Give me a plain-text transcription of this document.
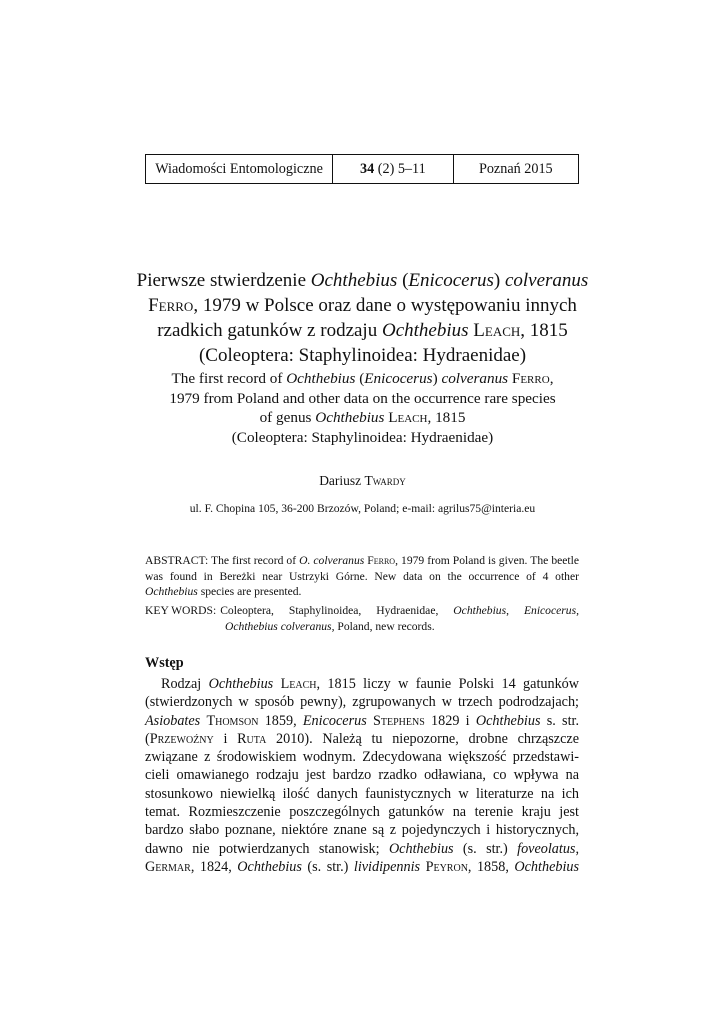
Wiadomości Entomologiczne	34 (2) 5–11	Poznań 2015
Pierwsze stwierdzenie Ochthebius (Enicocerus) colveranus
Ferro, 1979 w Polsce oraz dane o występowaniu innych
rzadkich gatunków z rodzaju Ochthebius Leach, 1815
(Coleoptera: Staphylinoidea: Hydraenidae)
The first record of Ochthebius (Enicocerus) colveranus Ferro,
1979 from Poland and other data on the occurrence rare species
of genus Ochthebius Leach, 1815
(Coleoptera: Staphylinoidea: Hydraenidae)
Dariusz Twardy
ul. F. Chopina 105, 36-200 Brzozów, Poland; e-mail: agrilus75@interia.eu
ABSTRACT: The first record of O. colveranus Ferro, 1979 from Poland is given. The beetle was found in Bereżki near Ustrzyki Górne. New data on the occurrence of 4 other Ochthebius species are presented.
KEY WORDS: Coleoptera, Staphylinoidea, Hydraenidae, Ochthebius, Enicocerus,
Ochthebius colveranus, Poland, new records.
Wstęp
Rodzaj Ochthebius Leach, 1815 liczy w faunie Polski 14 gatunków
(stwierdzonych w sposób pewny), zgrupowanych w trzech podrodzajach;
Asiobates Thomson 1859, Enicocerus Stephens 1829 i Ochthebius s. str.
(Przewoźny i Ruta 2010). Należą tu niepozorne, drobne chrząszcze
związane z środowiskiem wodnym. Zdecydowana większość przedstawi-
cieli omawianego rodzaju jest bardzo rzadko odławiana, co wpływa na
stosunkowo niewielką ilość danych faunistycznych w literaturze na ich
temat. Rozmieszczenie poszczególnych gatunków na terenie kraju jest
bardzo słabo poznane, niektóre znane są z pojedynczych i historycznych,
dawno nie potwierdzanych stanowisk; Ochthebius (s. str.) foveolatus,
Germar, 1824, Ochthebius (s. str.) lividipennis Peyron, 1858, Ochthebius
